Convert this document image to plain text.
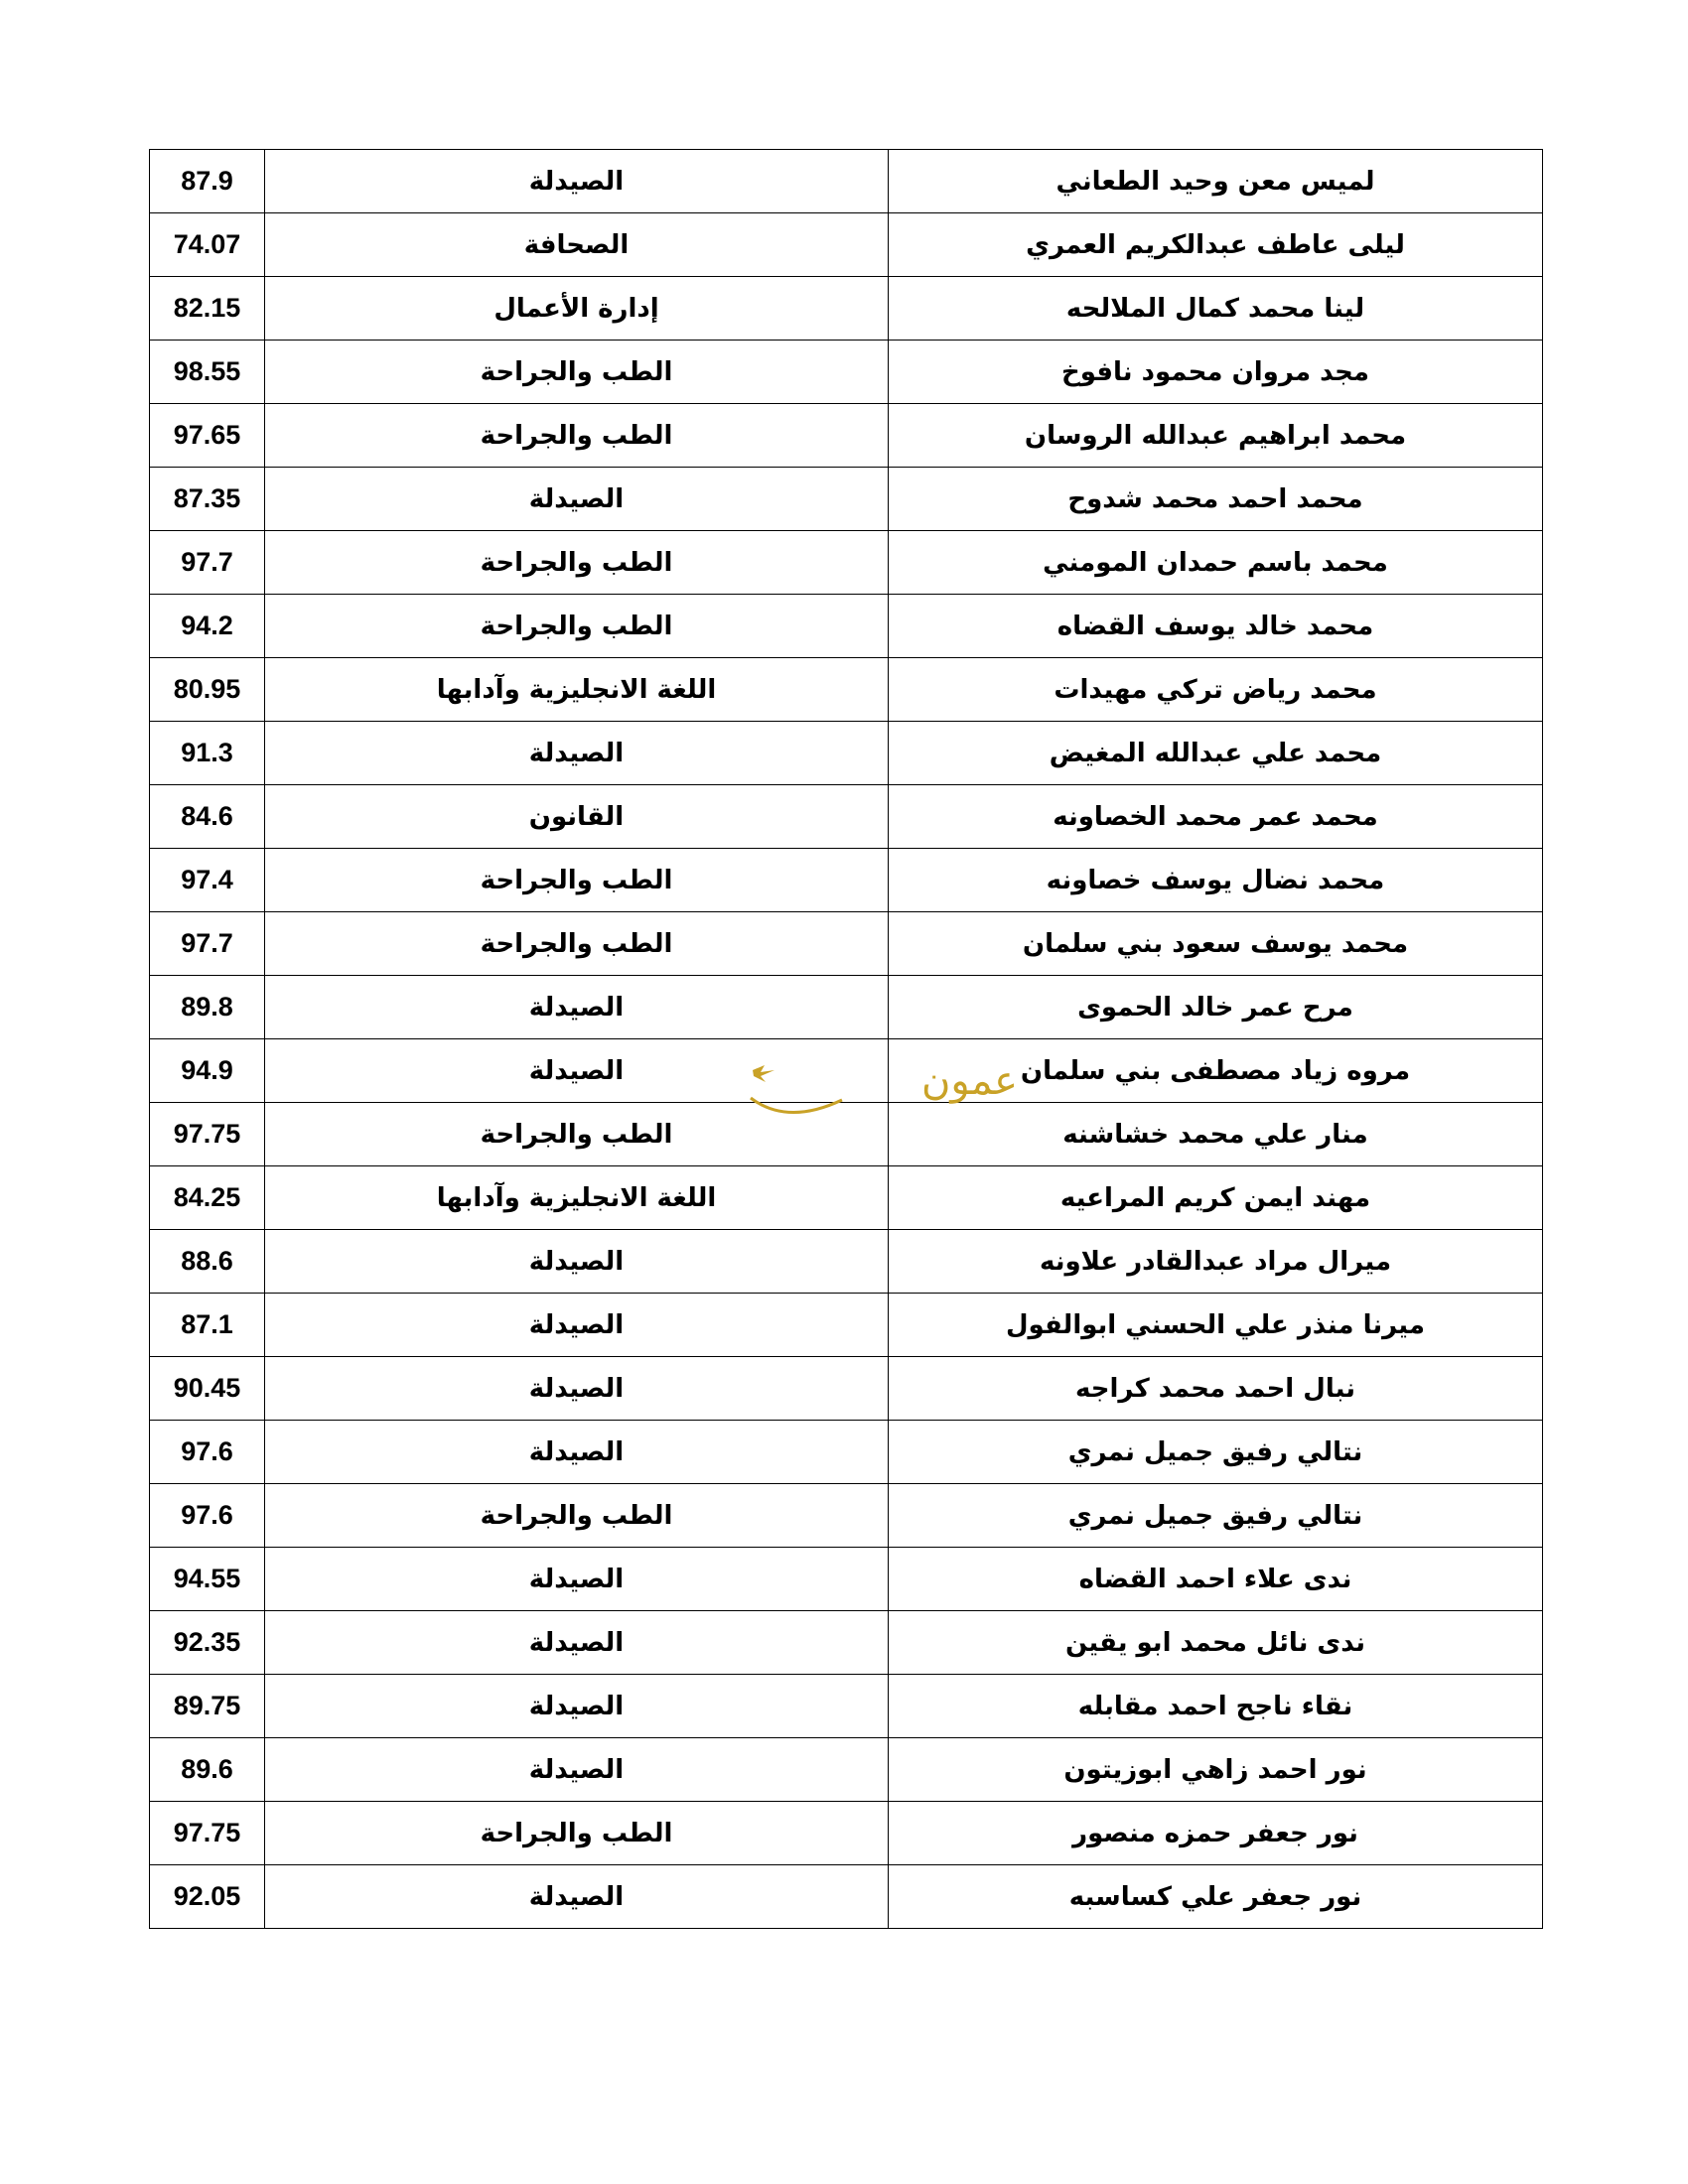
87.9	الصيدلة	لميس معن وحيد الطعاني
74.07	الصحافة	ليلى عاطف عبدالكريم العمري
82.15	إدارة الأعمال	لينا محمد كمال الملالحه
98.55	الطب والجراحة	مجد مروان محمود نافوخ
97.65	الطب والجراحة	محمد ابراهيم عبدالله الروسان
87.35	الصيدلة	محمد احمد محمد شدوح
97.7	الطب والجراحة	محمد باسم حمدان المومني
94.2	الطب والجراحة	محمد خالد يوسف القضاه
80.95	اللغة الانجليزية وآدابها	محمد رياض تركي مهيدات
91.3	الصيدلة	محمد علي عبدالله المغيض
84.6	القانون	محمد عمر محمد الخصاونه
97.4	الطب والجراحة	محمد نضال يوسف خصاونه
97.7	الطب والجراحة	محمد يوسف سعود بني سلمان
89.8	الصيدلة	مرح عمر خالد الحموى
94.9	الصيدلة	مروه زياد مصطفى بني سلمان
97.75	الطب والجراحة	منار علي محمد خشاشنه
84.25	اللغة الانجليزية وآدابها	مهند ايمن كريم المراعيه
88.6	الصيدلة	ميرال مراد عبدالقادر علاونه
87.1	الصيدلة	ميرنا منذر علي الحسني ابوالفول
90.45	الصيدلة	نبال احمد محمد كراجه
97.6	الصيدلة	نتالي رفيق جميل نمري
97.6	الطب والجراحة	نتالي رفيق جميل نمري
94.55	الصيدلة	ندى علاء احمد القضاه
92.35	الصيدلة	ندى نائل محمد ابو يقين
89.75	الصيدلة	نقاء ناجح احمد مقابله
89.6	الصيدلة	نور احمد زاهي ابوزيتون
97.75	الطب والجراحة	نور جعفر حمزه منصور
92.05	الصيدلة	نور جعفر علي كساسبه
عمون
